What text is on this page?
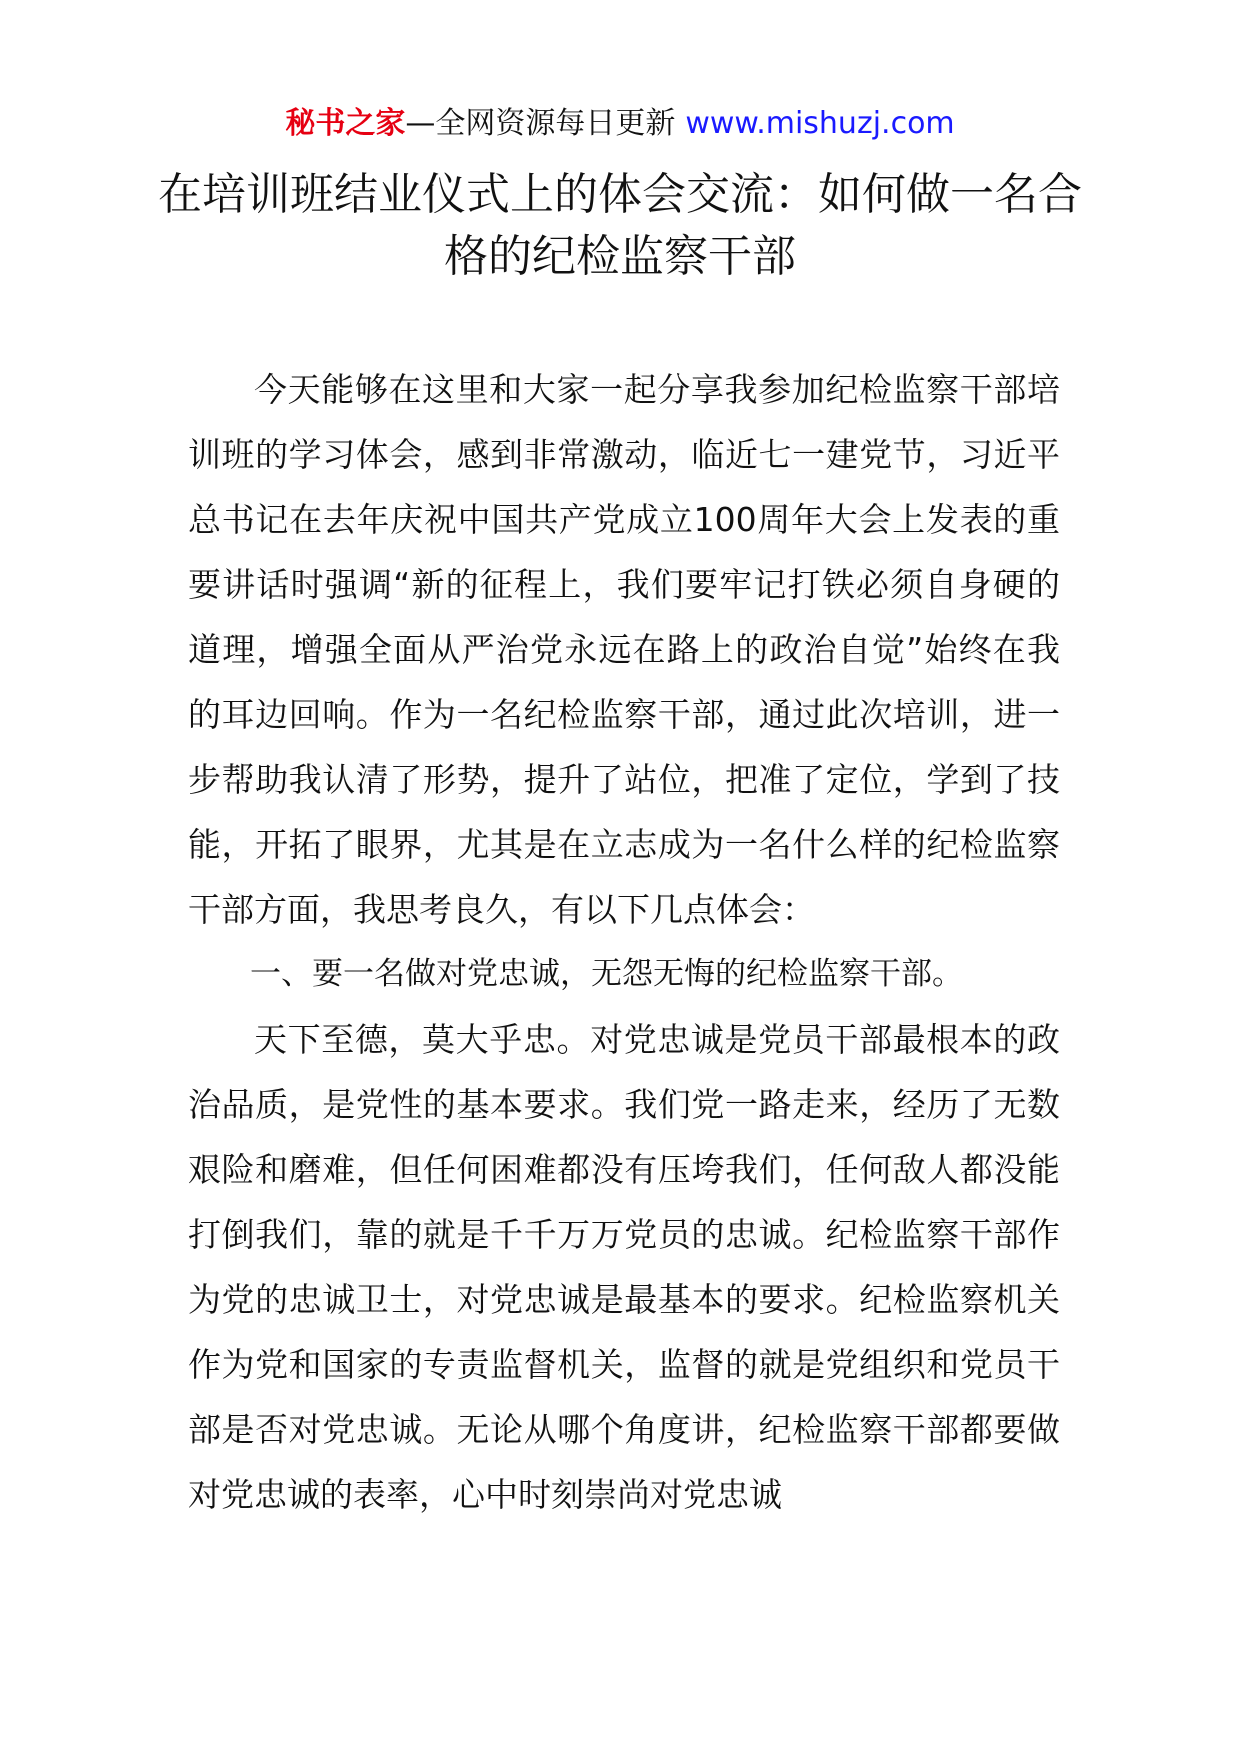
秘书之家—全网资源每日更新 www.mishuzj.com
在培训班结业仪式上的体会交流：如何做一名合格的纪检监察干部

今天能够在这里和大家一起分享我参加纪检监察干部培训班的学习体会，感到非常激动，临近七一建党节，习近平总书记在去年庆祝中国共产党成立100周年大会上发表的重要讲话时强调“新的征程上，我们要牢记打铁必须自身硬的道理，增强全面从严治党永远在路上的政治自觉”始终在我的耳边回响。作为一名纪检监察干部，通过此次培训，进一步帮助我认清了形势，提升了站位，把准了定位，学到了技能，开拓了眼界，尤其是在立志成为一名什么样的纪检监察干部方面，我思考良久，有以下几点体会：

一、要一名做对党忠诚，无怨无悔的纪检监察干部。

天下至德，莫大乎忠。对党忠诚是党员干部最根本的政治品质，是党性的基本要求。我们党一路走来，经历了无数艰险和磨难，但任何困难都没有压垮我们，任何敌人都没能打倒我们，靠的就是千千万万党员的忠诚。纪检监察干部作为党的忠诚卫士，对党忠诚是最基本的要求。纪检监察机关作为党和国家的专责监督机关，监督的就是党组织和党员干部是否对党忠诚。无论从哪个角度讲，纪检监察干部都要做对党忠诚的表率，心中时刻崇尚对党忠诚
